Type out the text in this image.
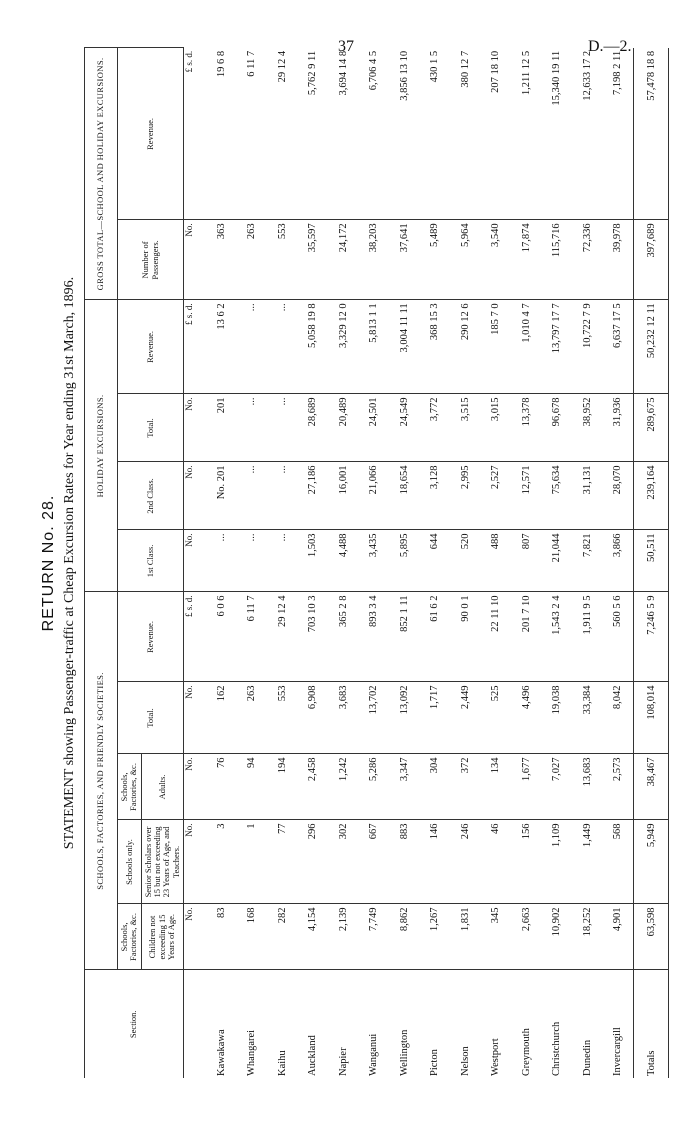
37	D.—2.
RETURN No. 28. STATEMENT showing Passenger-traffic at Cheap Excursion Rates for Year ending 31st March, 1896.
Section.	SCHOOLS, FACTORIES, AND FRIENDLY SOCIETIES.					HOLIDAY EXCURSIONS.				GROSS TOTAL—SCHOOL AND HOLIDAY EXCURSIONS.	
	Schools, Factories, &c.	Schools only.	Schools, Factories, &c.	Total.	Revenue.	1st Class.	2nd Class.	Total.	Revenue.	Number of Passengers.	Revenue.
	Children not exceeding 15 Years of Age.	Senior Scholars over 15 but not exceeding 23 Years of Age, and Teachers.	Adults.								
	No.	No.	No.	No.	£ s. d.	No.	No.	No.	£ s. d.	No.	£ s. d.
Kawakawa	83	3	76	162	6 0 6	...	No. 201	201	13 6 2	363	19 6 8
Whangarei	168	1	94	263	6 11 7	...	...	...	...	263	6 11 7
Kaihu	282	77	194	553	29 12 4	...	...	...	...	553	29 12 4
Auckland	4,154	296	2,458	6,908	703 10 3	1,503	27,186	28,689	5,058 19 8	35,597	5,762 9 11
Napier	2,139	302	1,242	3,683	365 2 8	4,488	16,001	20,489	3,329 12 0	24,172	3,694 14 8
Wanganui	7,749	667	5,286	13,702	893 3 4	3,435	21,066	24,501	5,813 1 1	38,203	6,706 4 5
Wellington	8,862	883	3,347	13,092	852 1 11	5,895	18,654	24,549	3,004 11 11	37,641	3,856 13 10
Picton	1,267	146	304	1,717	61 6 2	644	3,128	3,772	368 15 3	5,489	430 1 5
Nelson	1,831	246	372	2,449	90 0 1	520	2,995	3,515	290 12 6	5,964	380 12 7
Westport	345	46	134	525	22 11 10	488	2,527	3,015	185 7 0	3,540	207 18 10
Greymouth	2,663	156	1,677	4,496	201 7 10	807	12,571	13,378	1,010 4 7	17,874	1,211 12 5
Christchurch	10,902	1,109	7,027	19,038	1,543 2 4	21,044	75,634	96,678	13,797 17 7	115,716	15,340 19 11
Dunedin	18,252	1,449	13,683	33,384	1,911 9 5	7,821	31,131	38,952	10,722 7 9	72,336	12,633 17 2
Invercargill	4,901	568	2,573	8,042	560 5 6	3,866	28,070	31,936	6,637 17 5	39,978	7,198 2 11
Totals	63,598	5,949	38,467	108,014	7,246 5 9	50,511	239,164	289,675	50,232 12 11	397,689	57,478 18 8
